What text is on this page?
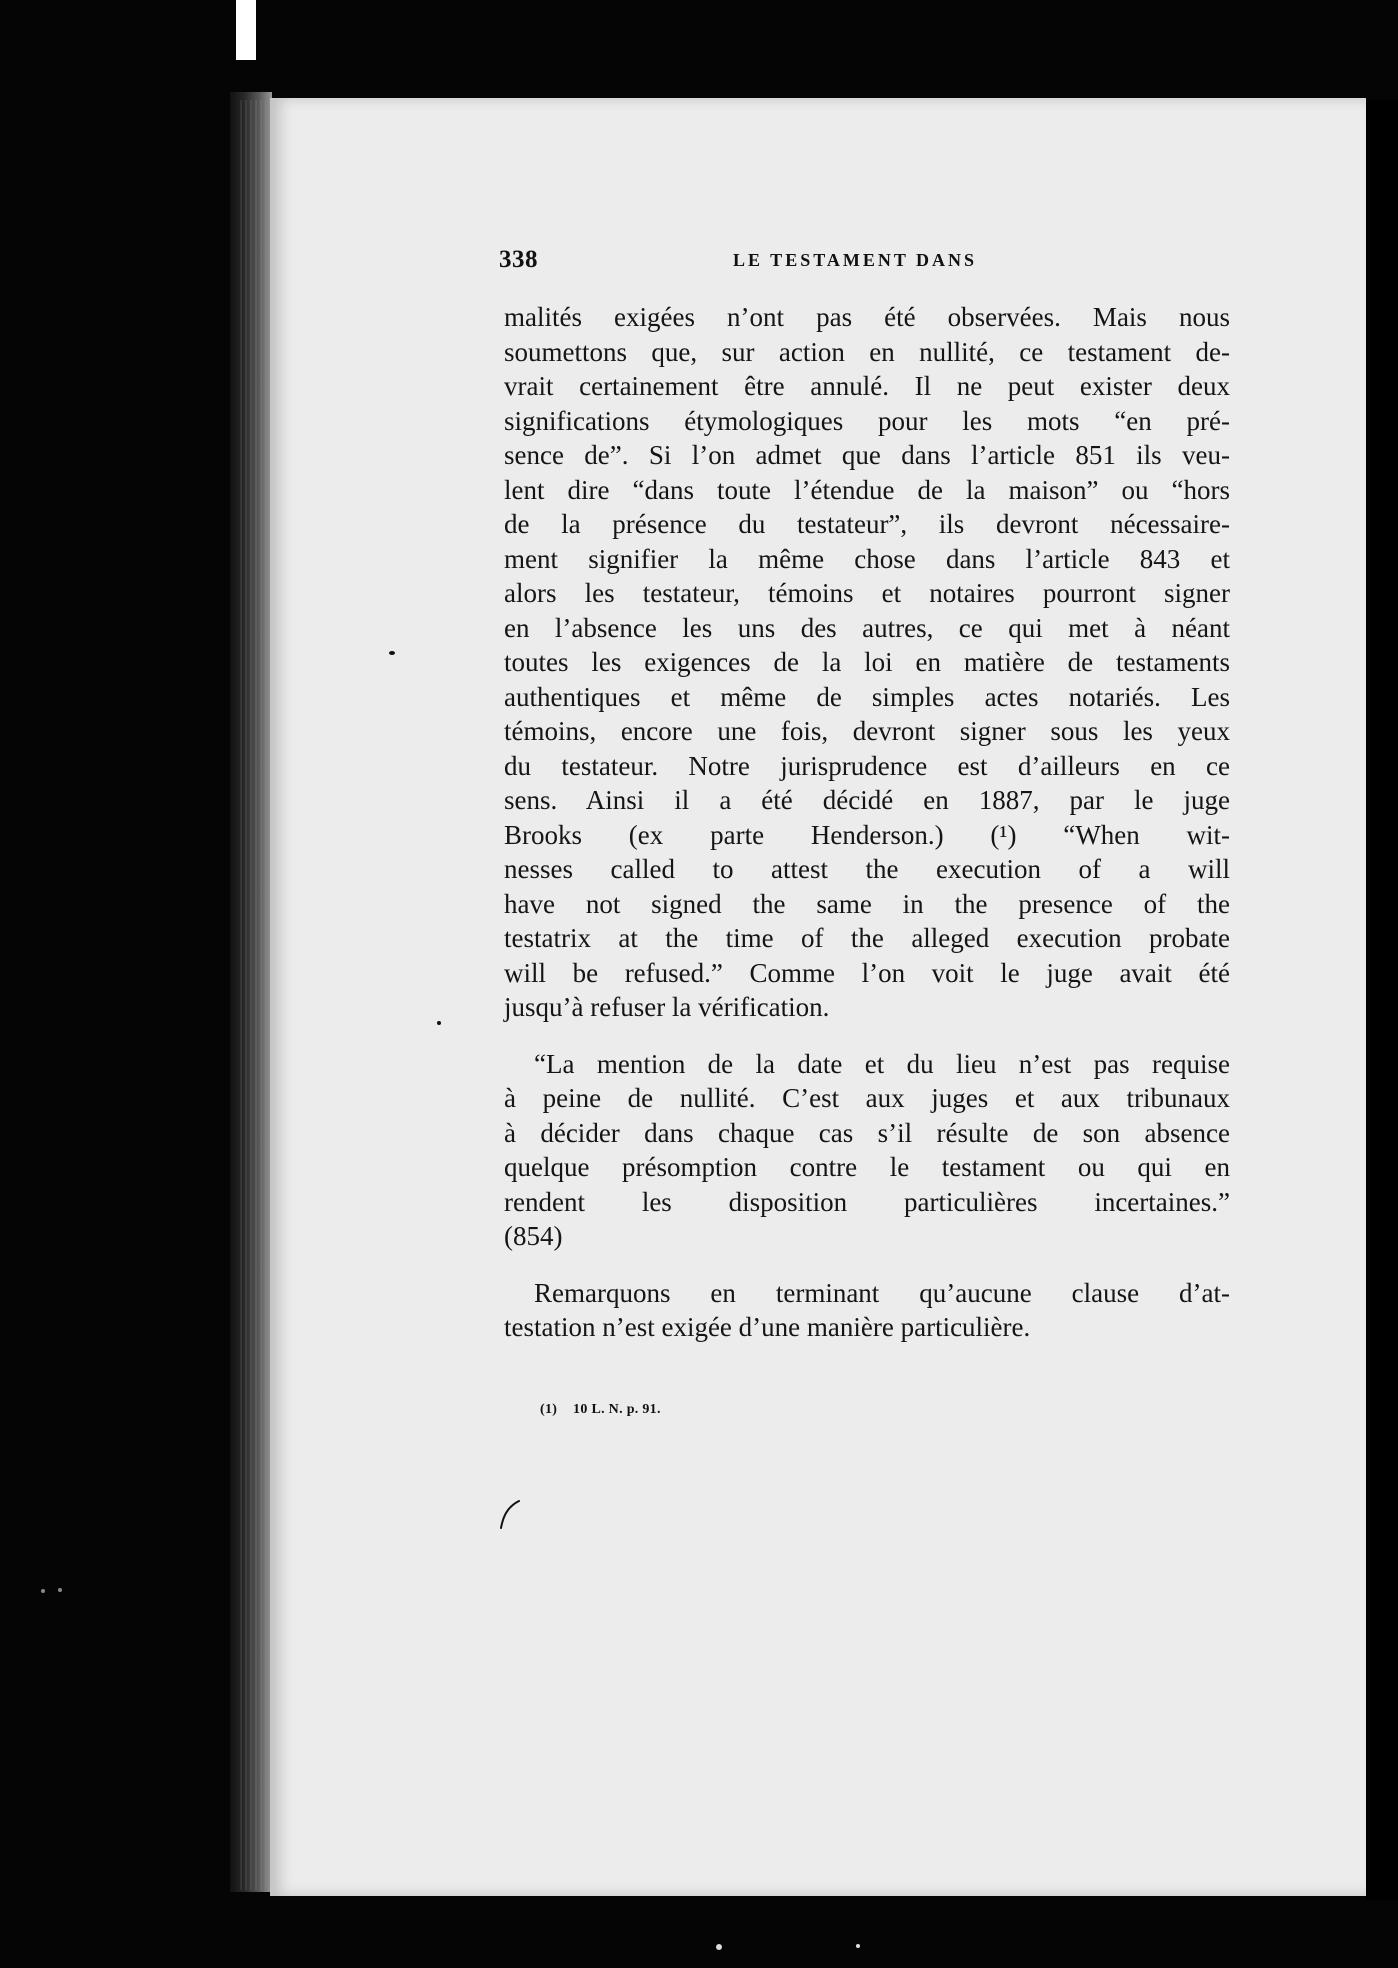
338	LE TESTAMENT DANS
malités exigées n’ont pas été observées. Mais nous
soumettons que, sur action en nullité, ce testament de-
vrait certainement être annulé. Il ne peut exister deux
significations étymologiques pour les mots “en pré-
sence de”. Si l’on admet que dans l’article 851 ils veu-
lent dire “dans toute l’étendue de la maison” ou “hors
de la présence du testateur”, ils devront nécessaire-
ment signifier la même chose dans l’article 843 et
alors les testateur, témoins et notaires pourront signer
en l’absence les uns des autres, ce qui met à néant
toutes les exigences de la loi en matière de testaments
authentiques et même de simples actes notariés. Les
témoins, encore une fois, devront signer sous les yeux
du testateur. Notre jurisprudence est d’ailleurs en ce
sens. Ainsi il a été décidé en 1887, par le juge
Brooks (ex parte Henderson.) (¹) “When wit-
nesses called to attest the execution of a will
have not signed the same in the presence of the
testatrix at the time of the alleged execution probate
will be refused.” Comme l’on voit le juge avait été
jusqu’à refuser la vérification.
“La mention de la date et du lieu n’est pas requise
à peine de nullité. C’est aux juges et aux tribunaux
à décider dans chaque cas s’il résulte de son absence
quelque présomption contre le testament ou qui en
rendent les disposition particulières incertaines.”
(854)
Remarquons en terminant qu’aucune clause d’at-
testation n’est exigée d’une manière particulière.
(1) 10 L. N. p. 91.
